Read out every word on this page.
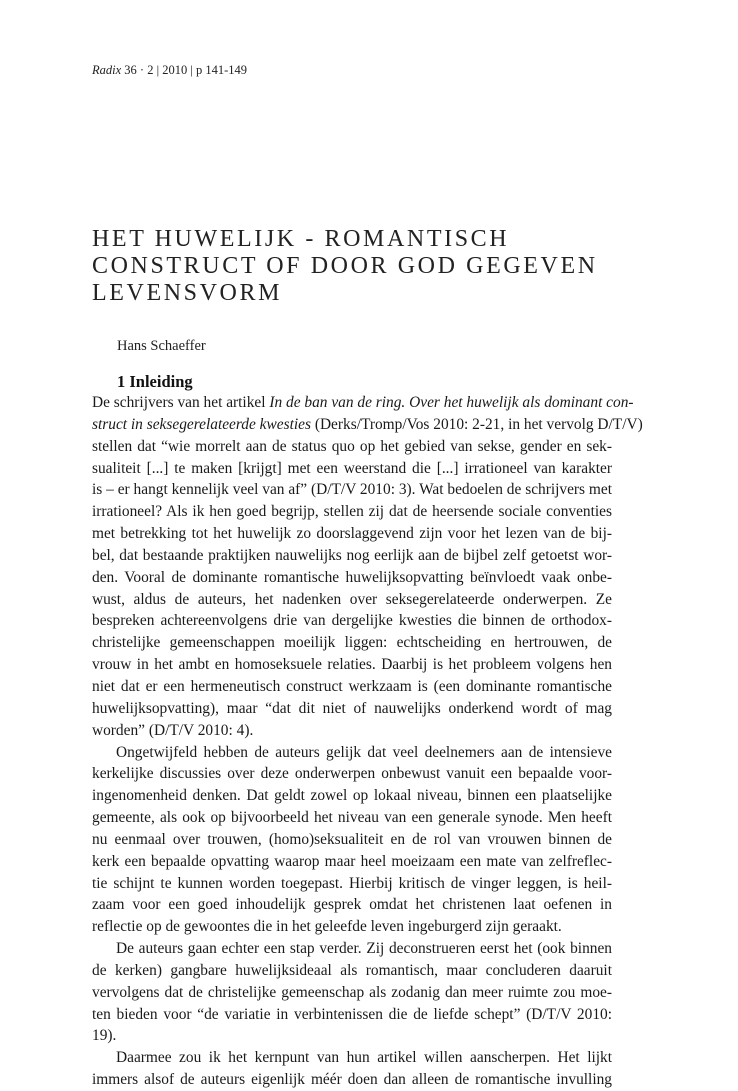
Radix 36 · 2 | 2010 | p 141-149
HET HUWELIJK - ROMANTISCH
CONSTRUCT OF DOOR GOD GEGEVEN
LEVENSVORM
Hans Schaeffer
1 Inleiding
De schrijvers van het artikel In de ban van de ring. Over het huwelijk als dominant con-
struct in seksegerelateerde kwesties (Derks/Tromp/Vos 2010: 2-21, in het vervolg D/T/V)
stellen dat “wie morrelt aan de status quo op het gebied van sekse, gender en sek-
sualiteit [...] te maken [krijgt] met een weerstand die [...] irrationeel van karakter
is – er hangt kennelijk veel van af” (D/T/V 2010: 3). Wat bedoelen de schrijvers met
irrationeel? Als ik hen goed begrijp, stellen zij dat de heersende sociale conventies
met betrekking tot het huwelijk zo doorslaggevend zijn voor het lezen van de bij-
bel, dat bestaande praktijken nauwelijks nog eerlijk aan de bijbel zelf getoetst wor-
den. Vooral de dominante romantische huwelijksopvatting beïnvloedt vaak onbe-
wust, aldus de auteurs, het nadenken over seksegerelateerde onderwerpen. Ze
bespreken achtereenvolgens drie van dergelijke kwesties die binnen de orthodox-
christelijke gemeenschappen moeilijk liggen: echtscheiding en hertrouwen, de
vrouw in het ambt en homoseksuele relaties. Daarbij is het probleem volgens hen
niet dat er een hermeneutisch construct werkzaam is (een dominante romantische
huwelijksopvatting), maar “dat dit niet of nauwelijks onderkend wordt of mag
worden” (D/T/V 2010: 4).
Ongetwijfeld hebben de auteurs gelijk dat veel deelnemers aan de intensieve
kerkelijke discussies over deze onderwerpen onbewust vanuit een bepaalde voor-
ingenomenheid denken. Dat geldt zowel op lokaal niveau, binnen een plaatselijke
gemeente, als ook op bijvoorbeeld het niveau van een generale synode. Men heeft
nu eenmaal over trouwen, (homo)seksualiteit en de rol van vrouwen binnen de
kerk een bepaalde opvatting waarop maar heel moeizaam een mate van zelfreflec-
tie schijnt te kunnen worden toegepast. Hierbij kritisch de vinger leggen, is heil-
zaam voor een goed inhoudelijk gesprek omdat het christenen laat oefenen in
reflectie op de gewoontes die in het geleefde leven ingeburgerd zijn geraakt.
De auteurs gaan echter een stap verder. Zij deconstrueren eerst het (ook binnen
de kerken) gangbare huwelijksideaal als romantisch, maar concluderen daaruit
vervolgens dat de christelijke gemeenschap als zodanig dan meer ruimte zou moe-
ten bieden voor “de variatie in verbintenissen die de liefde schept” (D/T/V 2010:
19).
Daarmee zou ik het kernpunt van hun artikel willen aanscherpen. Het lijkt
immers alsof de auteurs eigenlijk méér doen dan alleen de romantische invulling
